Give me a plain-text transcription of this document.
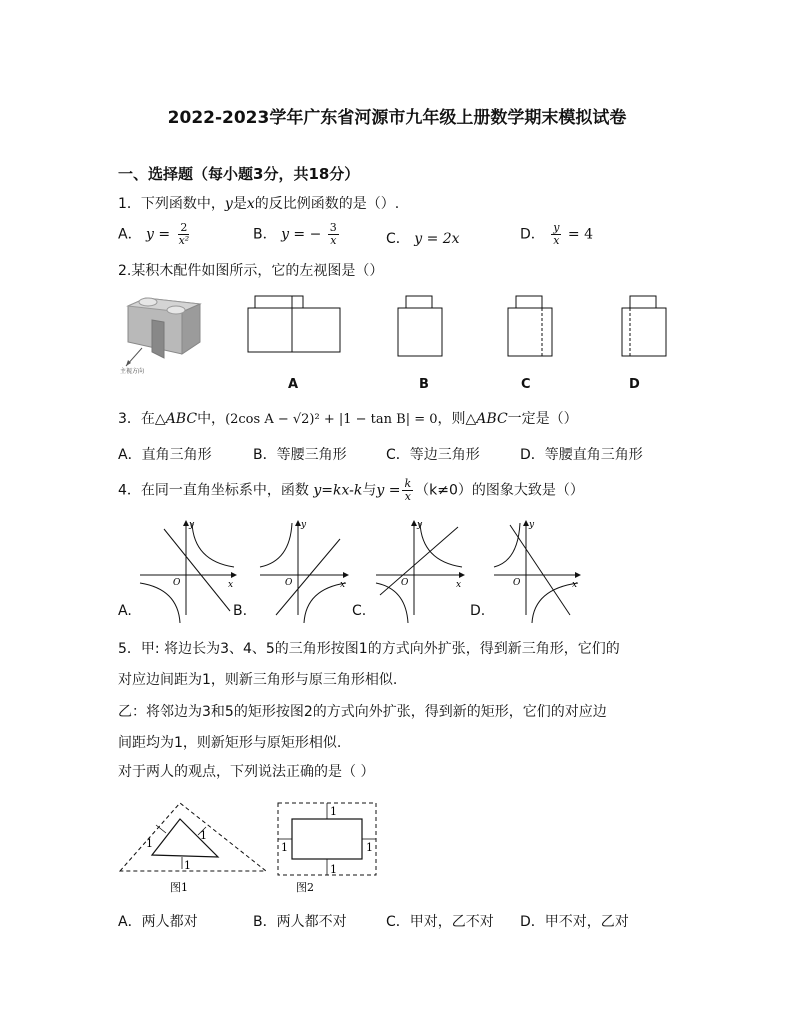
2022-2023学年广东省河源市九年级上册数学期末模拟试卷
一、选择题（每小题3分，共18分）
1．下列函数中，y是x的反比例函数的是（）.
A． $y = \frac{2}{\text{x²}}$	B． y = − $\frac{3}{x}$	C． y = 2x	D． $\frac{y}{x} = 4$
2.某积木配件如图所示，它的左视图是（）
主视方向
A	B	C	D
3．在△ABC中，(2cos A − √2)² + |1 − tan B| = 0，则△ABC一定是（）
A．直角三角形	B．等腰三角形	C．等边三角形	D．等腰直角三角形
4．在同一直角坐标系中，函数 y=kx-k与$y = \frac{k}{x} (k\ne 0)$的图象大致是（）
x
y
O	x
y
O	x
y
O	x
y
O
A.	B.	C.	D.
5．甲: 将边长为3、4、5的三角形按图1的方式向外扩张，得到新三角形，它们的
对应边间距为1，则新三角形与原三角形相似.
乙：将邻边为3和5的矩形按图2的方式向外扩张，得到新的矩形，它们的对应边
间距均为1，则新矩形与原矩形相似.
对于两人的观点，下列说法正确的是（ ）
1
1
1
图1
1
1
1	1
图2
A．两人都对	B．两人都不对	C．甲对，乙不对 D．甲不对，乙对
